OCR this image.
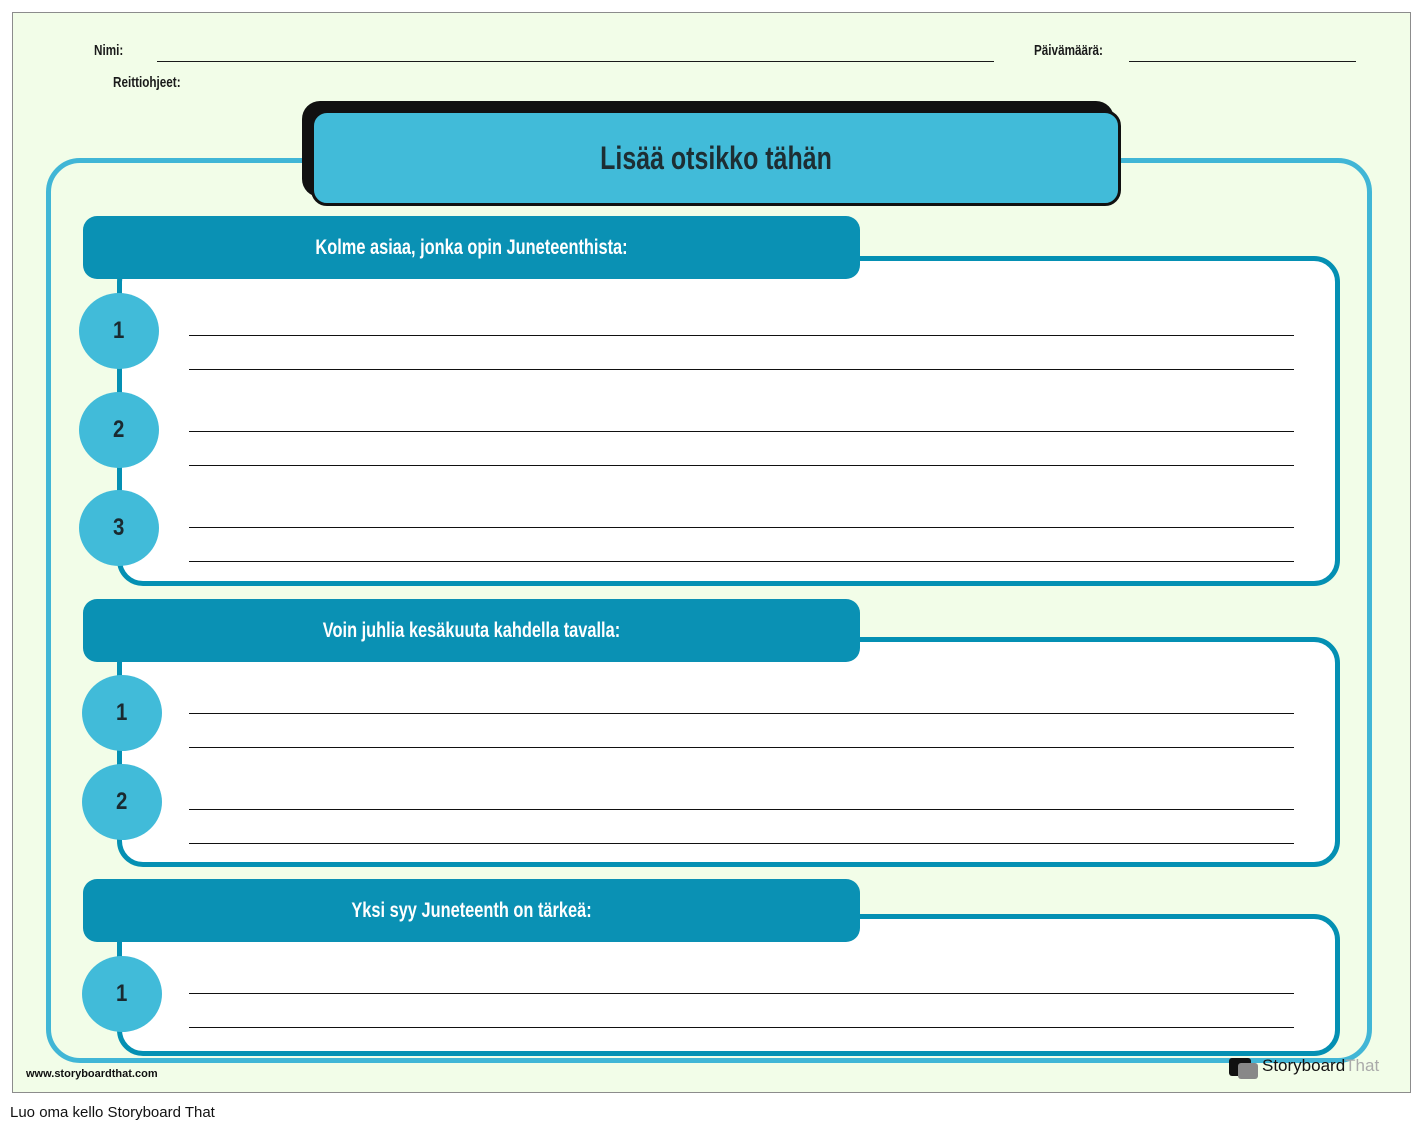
Nimi:	Päivämäärä:
Reittiohjeet:
Lisää otsikko tähän
Kolme asiaa, jonka opin Juneteenthista:
1
2
3
Voin juhlia kesäkuuta kahdella tavalla:
1
2
Yksi syy Juneteenth on tärkeä:
1
www.storyboardthat.com	StoryboardThat
Luo oma kello Storyboard That
